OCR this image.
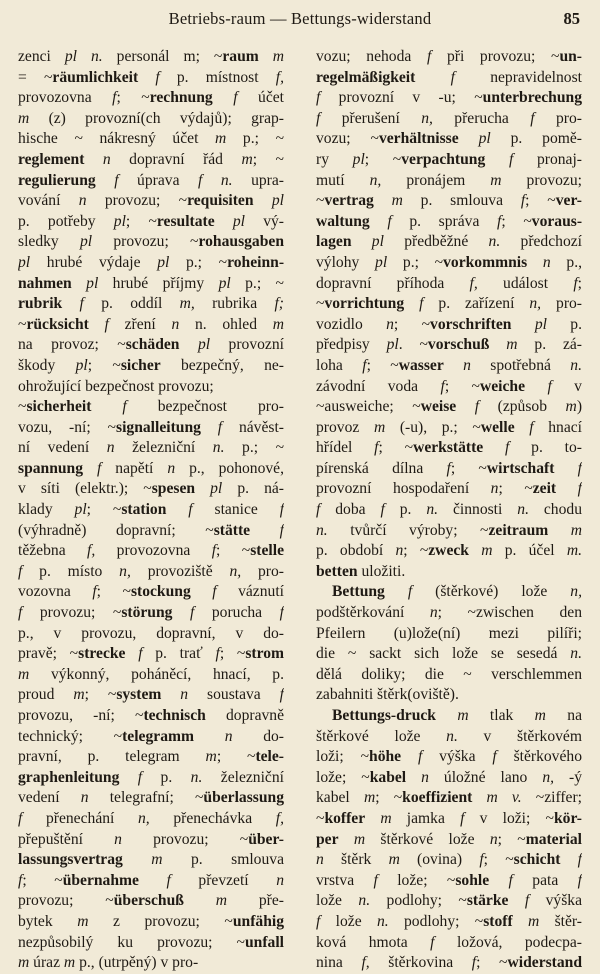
Betriebs-raum — Bettungs-widerstand	85
zenci pl n. personál m; ~raum m
= ~räumlichkeit f p. místnost f,
provozovna f; ~rechnung f účet
m (z) provozní(ch výdajů); grap-
hische ~ nákresný účet m p.; ~
reglement n dopravní řád m; ~
regulierung f úprava f n. upra-
vování n provozu; ~requisiten pl
p. potřeby pl; ~resultate pl vý-
sledky pl provozu; ~rohausgaben
pl hrubé výdaje pl p.; ~roheinn-
nahmen pl hrubé příjmy pl p.; ~
rubrik f p. oddíl m, rubrika f;
~rücksicht f zření n n. ohled m
na provoz; ~schäden pl provozní
škody pl; ~sicher bezpečný, ne-
ohrožující bezpečnost provozu;
~sicherheit f bezpečnost pro-
vozu, -ní; ~signalleitung f návěst-
ní vedení n železniční n. p.; ~
spannung f napětí n p., pohonové,
v síti (elektr.); ~spesen pl p. ná-
klady pl; ~station f stanice f
(výhradně) dopravní; ~stätte f
těžebna f, provozovna f; ~stelle
f p. místo n, provoziště n, pro-
vozovna f; ~stockung f váznutí
f provozu; ~störung f porucha f
p., v provozu, dopravní, v do-
pravě; ~strecke f p. trať f; ~strom
m výkonný, poháněcí, hnací, p.
proud m; ~system n soustava f
provozu, -ní; ~technisch dopravně
technický; ~telegramm n do-
pravní, p. telegram m; ~tele-
graphenleitung f p. n. železniční
vedení n telegrafní; ~überlassung
f přenechání n, přenechávka f,
přepuštění n provozu; ~über-
lassungsvertrag m p. smlouva
f; ~übernahme f převzetí n
provozu; ~überschuß m pře-
bytek m z provozu; ~unfähig
nezpůsobilý ku provozu; ~unfall
m úraz m p., (utrpěný) v pro-
vozu; nehoda f při provozu; ~un-
regelmäßigkeit f nepravidelnost
f provozní v -u; ~unterbrechung
f přerušení n, přerucha f pro-
vozu; ~verhältnisse pl p. pomě-
ry pl; ~verpachtung f pronaj-
mutí n, pronájem m provozu;
~vertrag m p. smlouva f; ~ver-
waltung f p. správa f; ~voraus-
lagen pl předběžné n. předchozí
výlohy pl p.; ~vorkommnis n p.,
dopravní příhoda f, událost f;
~vorrichtung f p. zařízení n, pro-
vozidlo n; ~vorschriften pl p.
předpisy pl. ~vorschuß m p. zá-
loha f; ~wasser n spotřebná n.
závodní voda f; ~weiche f v
~ausweiche; ~weise f (způsob m)
provoz m (-u), p.; ~welle f hnací
hřídel f; ~werkstätte f p. to-
pírenská dílna f; ~wirtschaft f
provozní hospodaření n; ~zeit f
f doba f p. n. činnosti n. chodu
n. tvůrčí výroby; ~zeitraum m
p. období n; ~zweck m p. účel m.
betten uložiti.
Bettung f (štěrkové) lože n,
podštěrkování n; ~zwischen den
Pfeilern (u)lože(ní) mezi pilíři;
die ~ sackt sich lože se sesedá n.
dělá doliky; die ~ verschlemmen
zabahniti štěrk(oviště).
Bettungs-druck m tlak m na
štěrkové lože n. v štěrkovém
loži; ~höhe f výška f štěrkového
lože; ~kabel n úložné lano n, -ý
kabel m; ~koeffizient m v. ~ziffer;
~koffer m jamka f v loži; ~kör-
per m štěrkové lože n; ~material
n štěrk m (ovina) f; ~schicht f
vrstva f lože; ~sohle f pata f
lože n. podlohy; ~stärke f výška
f lože n. podlohy; ~stoff m štěr-
ková hmota f ložová, podecpa-
nina f, štěrkovina f; ~widerstand
